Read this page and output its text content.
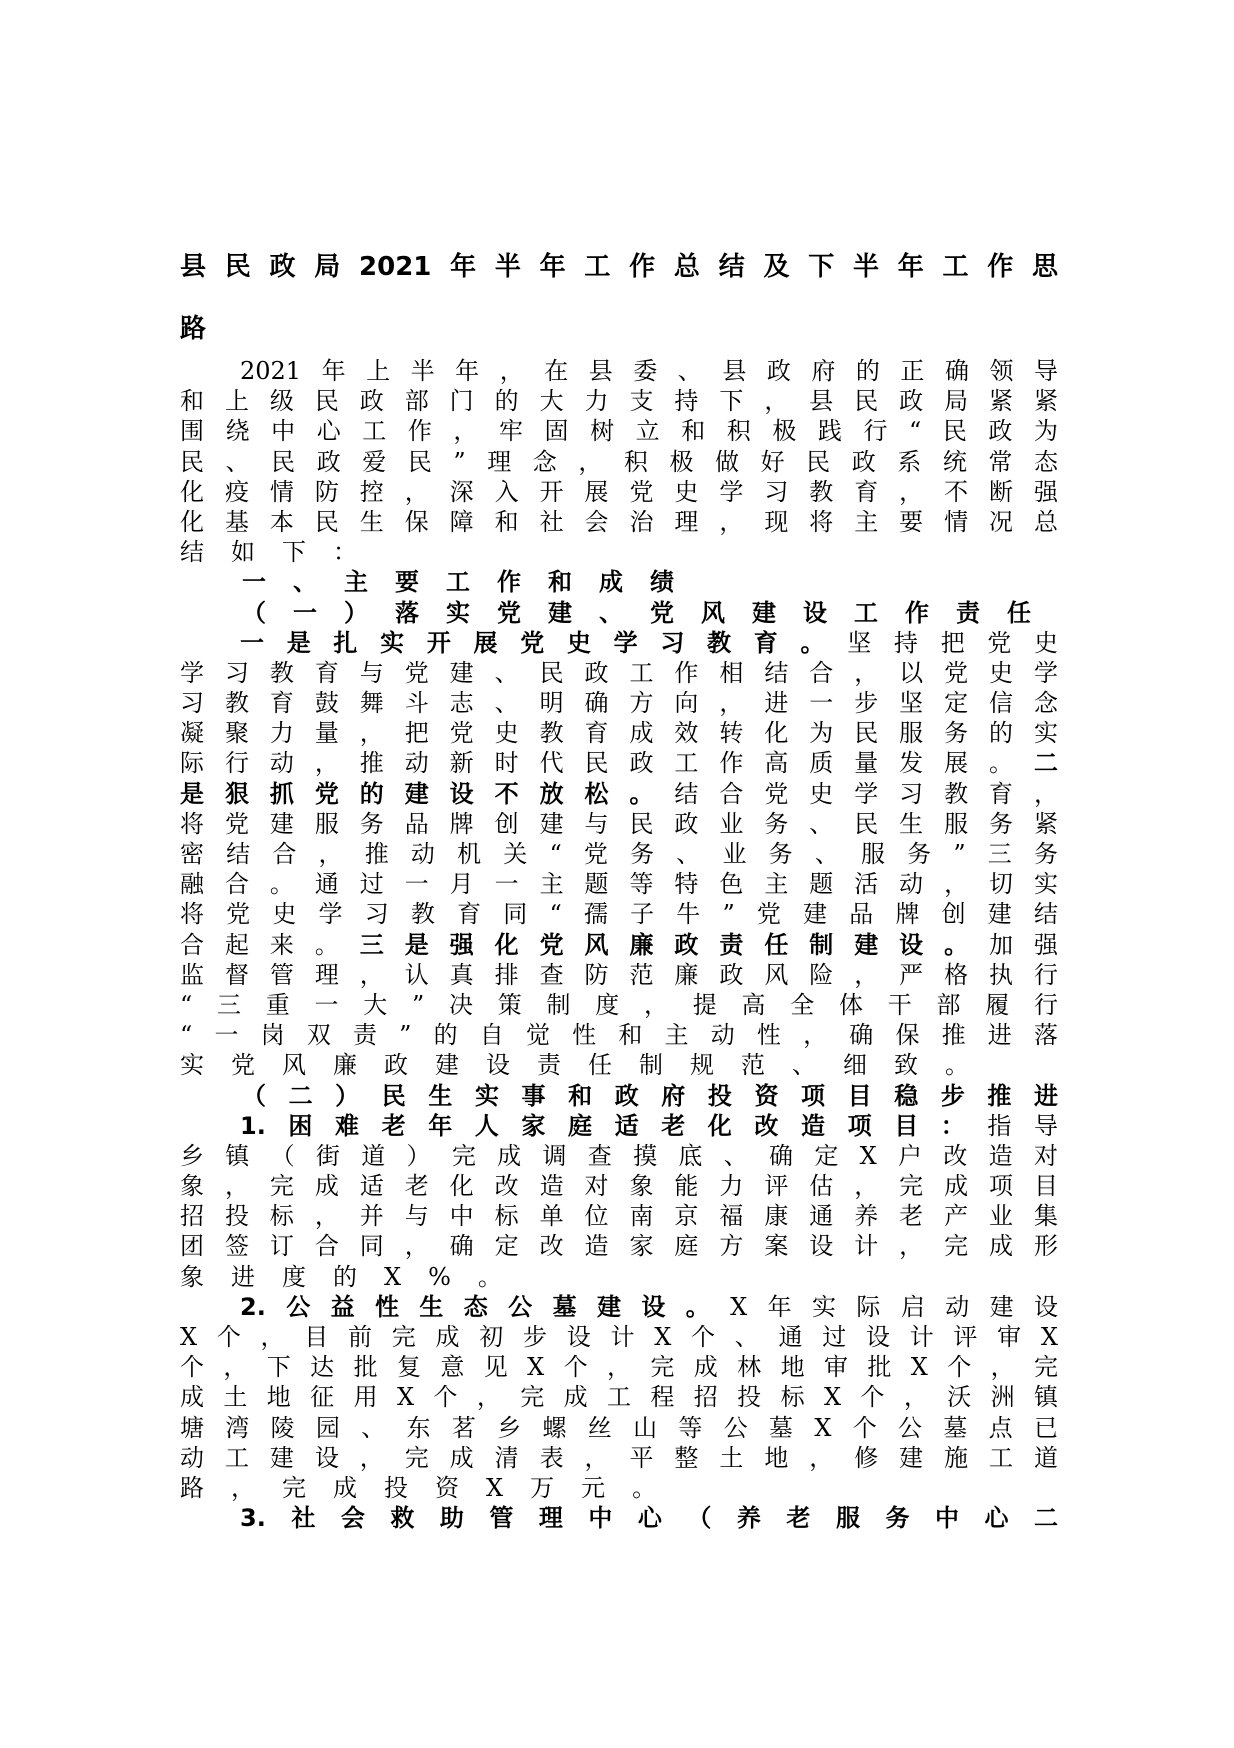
县民政局2021年半年工作总结及下半年工作思
路
2021年上半年，在县委、县政府的正确领导
和上级民政部门的大力支持下，县民政局紧紧
围绕中心工作，牢固树立和积极践行“民政为
民、民政爱民”理念，积极做好民政系统常态
化疫情防控，深入开展党史学习教育，不断强
化基本民生保障和社会治理，现将主要情况总
结如下：
一、主要工作和成绩
（一）落实党建、党风建设工作责任
一是扎实开展党史学习教育。坚持把党史
学习教育与党建、民政工作相结合，以党史学
习教育鼓舞斗志、明确方向，进一步坚定信念
凝聚力量，把党史教育成效转化为民服务的实
际行动，推动新时代民政工作高质量发展。二
是狠抓党的建设不放松。结合党史学习教育，
将党建服务品牌创建与民政业务、民生服务紧
密结合，推动机关“党务、业务、服务”三务
融合。通过一月一主题等特色主题活动，切实
将党史学习教育同“孺子牛”党建品牌创建结
合起来。三是强化党风廉政责任制建设。加强
监督管理，认真排查防范廉政风险，严格执行
“三重一大”决策制度，提高全体干部履行
“一岗双责”的自觉性和主动性，确保推进落
实党风廉政建设责任制规范、细致。
（二）民生实事和政府投资项目稳步推进
1.困难老年人家庭适老化改造项目：指导
乡镇（街道）完成调查摸底、确定X户改造对
象，完成适老化改造对象能力评估，完成项目
招投标，并与中标单位南京福康通养老产业集
团签订合同，确定改造家庭方案设计，完成形
象进度的X%。
2.公益性生态公墓建设。X年实际启动建设
X个，目前完成初步设计X个、通过设计评审X
个，下达批复意见X个，完成林地审批X个，完
成土地征用X个，完成工程招投标X个，沃洲镇
塘湾陵园、东茗乡螺丝山等公墓X个公墓点已
动工建设，完成清表，平整土地，修建施工道
路，完成投资X万元。
3.社会救助管理中心（养老服务中心二
